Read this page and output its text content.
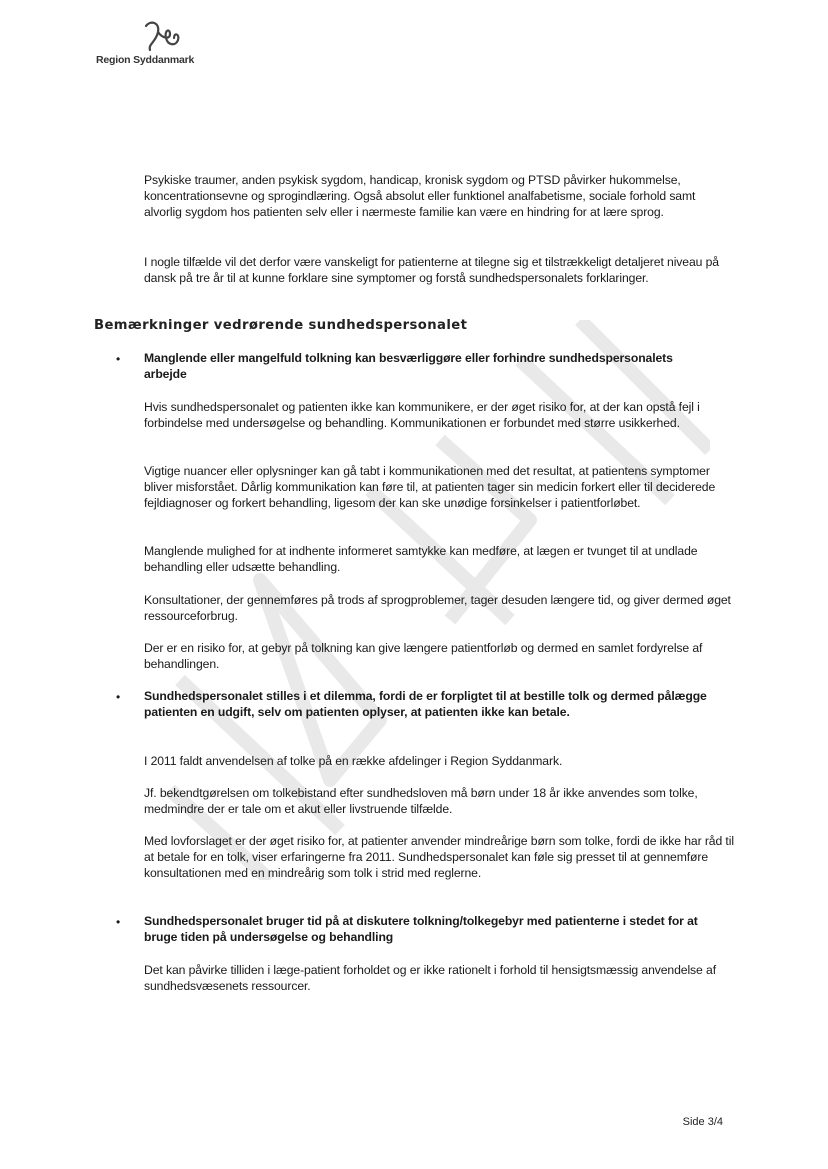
Region Syddanmark

Psykiske traumer, anden psykisk sygdom, handicap, kronisk sygdom og PTSD påvirker hukommelse, koncentrationsevne og sprogindlæring. Også absolut eller funktionel analfabetisme, sociale forhold samt alvorlig sygdom hos patienten selv eller i nærmeste familie kan være en hindring for at lære sprog.

I nogle tilfælde vil det derfor være vanskeligt for patienterne at tilegne sig et tilstrækkeligt detaljeret niveau på dansk på tre år til at kunne forklare sine symptomer og forstå sundhedspersonalets forklaringer.

Bemærkninger vedrørende sundhedspersonalet
• Manglende eller mangelfuld tolkning kan besværliggøre eller forhindre sundhedspersonalets arbejde

Hvis sundhedspersonalet og patienten ikke kan kommunikere, er der øget risiko for, at der kan opstå fejl i forbindelse med undersøgelse og behandling. Kommunikationen er forbundet med større usikkerhed.

Vigtige nuancer eller oplysninger kan gå tabt i kommunikationen med det resultat, at patientens symptomer bliver misforstået. Dårlig kommunikation kan føre til, at patienten tager sin medicin forkert eller til deciderede fejldiagnoser og forkert behandling, ligesom der kan ske unødige forsinkelser i patientforløbet.

Manglende mulighed for at indhente informeret samtykke kan medføre, at lægen er tvunget til at undlade behandling eller udsætte behandling.

Konsultationer, der gennemføres på trods af sprogproblemer, tager desuden længere tid, og giver dermed øget ressourceforbrug.

Der er en risiko for, at gebyr på tolkning kan give længere patientforløb og dermed en samlet fordyrelse af behandlingen.

• Sundhedspersonalet stilles i et dilemma, fordi de er forpligtet til at bestille tolk og dermed pålægge patienten en udgift, selv om patienten oplyser, at patienten ikke kan betale.

I 2011 faldt anvendelsen af tolke på en række afdelinger i Region Syddanmark.

Jf. bekendtgørelsen om tolkebistand efter sundhedsloven må børn under 18 år ikke anvendes som tolke, medmindre der er tale om et akut eller livstruende tilfælde.

Med lovforslaget er der øget risiko for, at patienter anvender mindreårige børn som tolke, fordi de ikke har råd til at betale for en tolk, viser erfaringerne fra 2011. Sundhedspersonalet kan føle sig presset til at gennemføre konsultationen med en mindreårig som tolk i strid med reglerne.

• Sundhedspersonalet bruger tid på at diskutere tolkning/tolkegebyr med patienterne i stedet for at bruge tiden på undersøgelse og behandling

Det kan påvirke tilliden i læge-patient forholdet og er ikke rationelt i forhold til hensigtsmæssig anvendelse af sundhedsvæsenets ressourcer.

Side 3/4
